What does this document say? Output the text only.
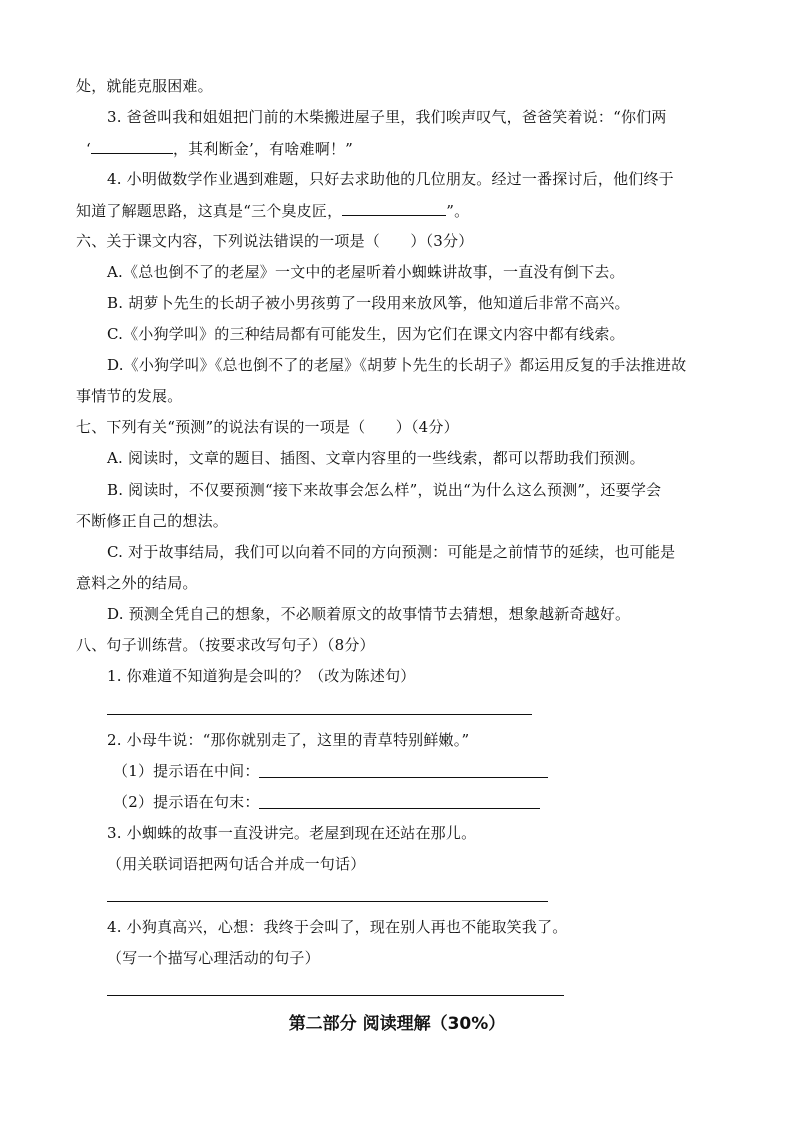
处，就能克服困难。
3. 爸爸叫我和姐姐把门前的木柴搬进屋子里，我们唉声叹气，爸爸笑着说：“你们两
‘	，其利断金’，有啥难啊！”
4. 小明做数学作业遇到难题，只好去求助他的几位朋友。经过一番探讨后，他们终于
知道了解题思路，这真是“三个臭皮匠，	”。
六、关于课文内容，下列说法错误的一项是（　　）（3分）
A.《总也倒不了的老屋》一文中的老屋听着小蜘蛛讲故事，一直没有倒下去。
B. 胡萝卜先生的长胡子被小男孩剪了一段用来放风筝，他知道后非常不高兴。
C.《小狗学叫》的三种结局都有可能发生，因为它们在课文内容中都有线索。
D.《小狗学叫》《总也倒不了的老屋》《胡萝卜先生的长胡子》都运用反复的手法推进故
事情节的发展。
七、下列有关“预测”的说法有误的一项是（　　）（4分）
A. 阅读时，文章的题目、插图、文章内容里的一些线索，都可以帮助我们预测。
B. 阅读时，不仅要预测“接下来故事会怎么样”，说出“为什么这么预测”，还要学会
不断修正自己的想法。
C. 对于故事结局，我们可以向着不同的方向预测：可能是之前情节的延续，也可能是
意料之外的结局。
D. 预测全凭自己的想象，不必顺着原文的故事情节去猜想，想象越新奇越好。
八、句子训练营。（按要求改写句子）（8分）
1. 你难道不知道狗是会叫的？（改为陈述句）
2. 小母牛说：“那你就别走了，这里的青草特别鲜嫩。”
（1）提示语在中间：
（2）提示语在句末：
3. 小蜘蛛的故事一直没讲完。老屋到现在还站在那儿。
（用关联词语把两句话合并成一句话）
4. 小狗真高兴，心想：我终于会叫了，现在别人再也不能取笑我了。
（写一个描写心理活动的句子）
第二部分 阅读理解（30%）
